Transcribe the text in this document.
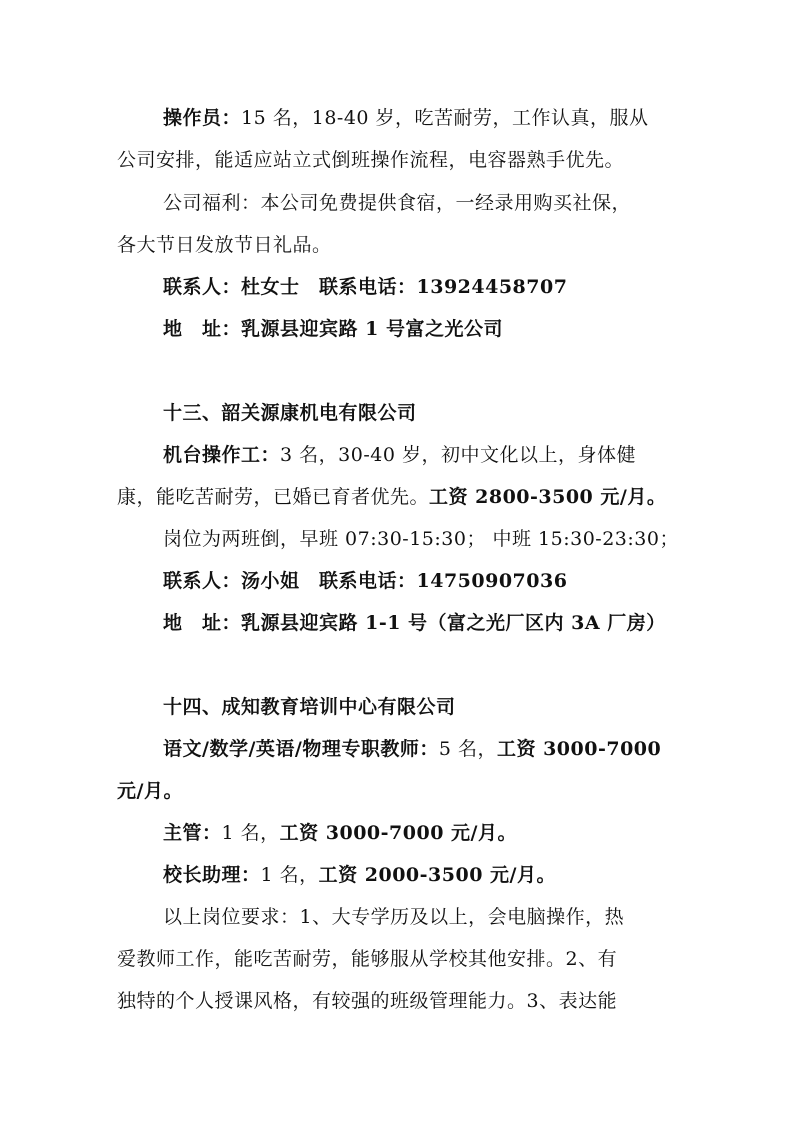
操作员：15 名，18-40 岁，吃苦耐劳，工作认真，服从
公司安排，能适应站立式倒班操作流程，电容器熟手优先。
公司福利：本公司免费提供食宿，一经录用购买社保，
各大节日发放节日礼品。
联系人：杜女士　联系电话：13924458707
地　址：乳源县迎宾路 1 号富之光公司
十三、韶关源康机电有限公司
机台操作工：3 名，30-40 岁，初中文化以上，身体健
康，能吃苦耐劳，已婚已育者优先。工资 2800-3500 元/月。
岗位为两班倒，早班 07:30-15:30； 中班 15:30-23:30；
联系人：汤小姐　联系电话：14750907036
地　址：乳源县迎宾路 1-1 号（富之光厂区内 3A 厂房）
十四、成知教育培训中心有限公司
语文/数学/英语/物理专职教师：5 名，工资 3000-7000
元/月。
主管：1 名，工资 3000-7000 元/月。
校长助理：1 名，工资 2000-3500 元/月。
以上岗位要求：1、大专学历及以上，会电脑操作，热
爱教师工作，能吃苦耐劳，能够服从学校其他安排。2、有
独特的个人授课风格，有较强的班级管理能力。3、表达能
